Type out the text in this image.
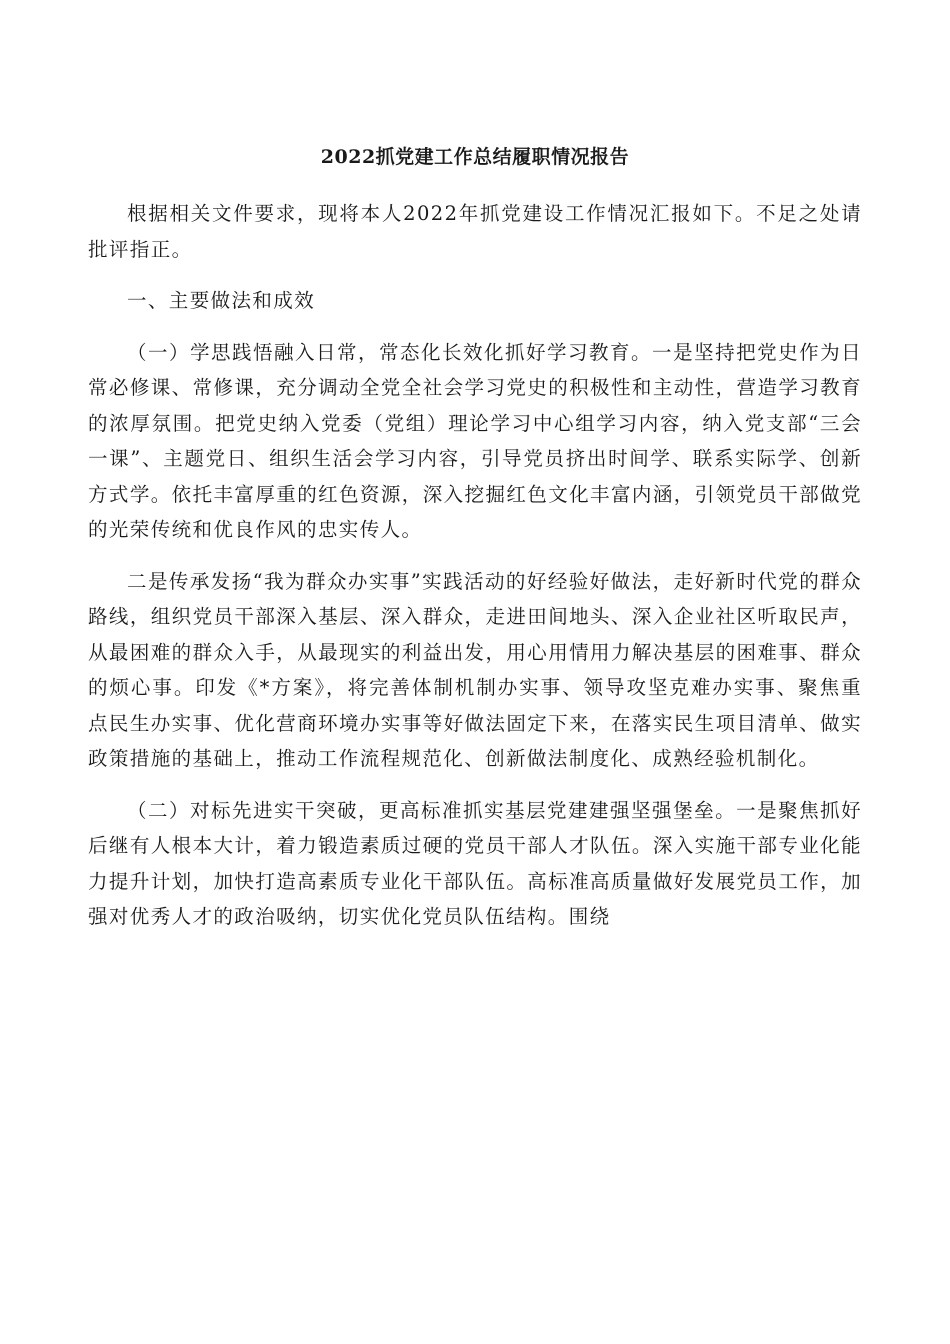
2022抓党建工作总结履职情况报告

根据相关文件要求，现将本人2022年抓党建设工作情况汇报如下。不足之处请批评指正。

一、主要做法和成效

（一）学思践悟融入日常，常态化长效化抓好学习教育。一是坚持把党史作为日常必修课、常修课，充分调动全党全社会学习党史的积极性和主动性，营造学习教育的浓厚氛围。把党史纳入党委（党组）理论学习中心组学习内容，纳入党支部“三会一课”、主题党日、组织生活会学习内容，引导党员挤出时间学、联系实际学、创新方式学。依托丰富厚重的红色资源，深入挖掘红色文化丰富内涵，引领党员干部做党的光荣传统和优良作风的忠实传人。

二是传承发扬“我为群众办实事”实践活动的好经验好做法，走好新时代党的群众路线，组织党员干部深入基层、深入群众，走进田间地头、深入企业社区听取民声，从最困难的群众入手，从最现实的利益出发，用心用情用力解决基层的困难事、群众的烦心事。印发《*方案》，将完善体制机制办实事、领导攻坚克难办实事、聚焦重点民生办实事、优化营商环境办实事等好做法固定下来，在落实民生项目清单、做实政策措施的基础上，推动工作流程规范化、创新做法制度化、成熟经验机制化。

（二）对标先进实干突破，更高标准抓实基层党建建强坚强堡垒。一是聚焦抓好后继有人根本大计，着力锻造素质过硬的党员干部人才队伍。深入实施干部专业化能力提升计划，加快打造高素质专业化干部队伍。高标准高质量做好发展党员工作，加强对优秀人才的政治吸纳，切实优化党员队伍结构。围绕
